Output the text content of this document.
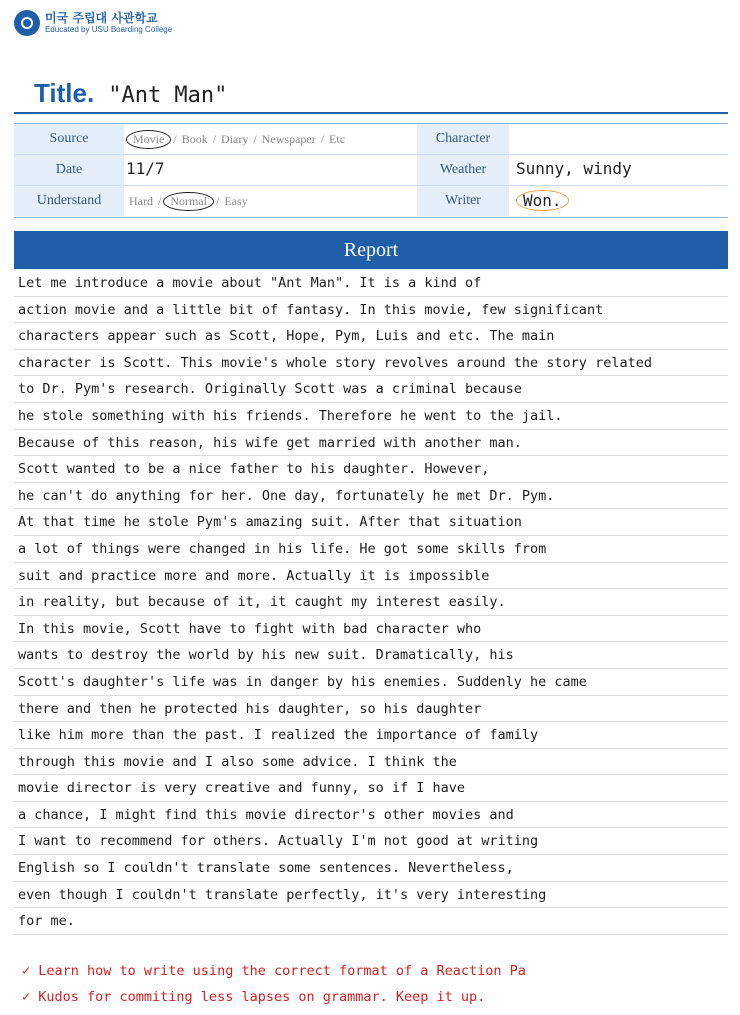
미국 주립대 사관학교
Educated by USU Boarding College
Title. "Ant Man"
Source	Movie / Book / Diary / Newspaper / Etc	Character
Date	11/7	Weather	Sunny, windy
Understand	Hard / Normal / Easy	Writer	Won.
Report
Let me introduce a movie about "Ant Man". It is a kind of
action movie and a little bit of fantasy. In this movie, few significant
characters appear such as Scott, Hope, Pym, Luis and etc. The main
character is Scott. This movie's whole story revolves around the story related
to Dr. Pym's research. Originally Scott was a criminal because
he stole something with his friends. Therefore he went to the jail.
Because of this reason, his wife get married with another man.
Scott wanted to be a nice father to his daughter. However,
he can't do anything for her. One day, fortunately he met Dr. Pym.
At that time he stole Pym's amazing suit. After that situation
a lot of things were changed in his life. He got some skills from
suit and practice more and more. Actually it is impossible
in reality, but because of it, it caught my interest easily.
In this movie, Scott have to fight with bad character who
wants to destroy the world by his new suit. Dramatically, his
Scott's daughter's life was in danger by his enemies. Suddenly he came
there and then he protected his daughter, so his daughter
like him more than the past. I realized the importance of family
through this movie and I also some advice. I think the
movie director is very creative and funny, so if I have
a chance, I might find this movie director's other movies and
I want to recommend for others. Actually I'm not good at writing
English so I couldn't translate some sentences. Nevertheless,
even though I couldn't translate perfectly, it's very interesting
for me.
✓ Learn how to write using the correct format of a Reaction Pa
✓ Kudos for commiting less lapses on grammar. Keep it up.
